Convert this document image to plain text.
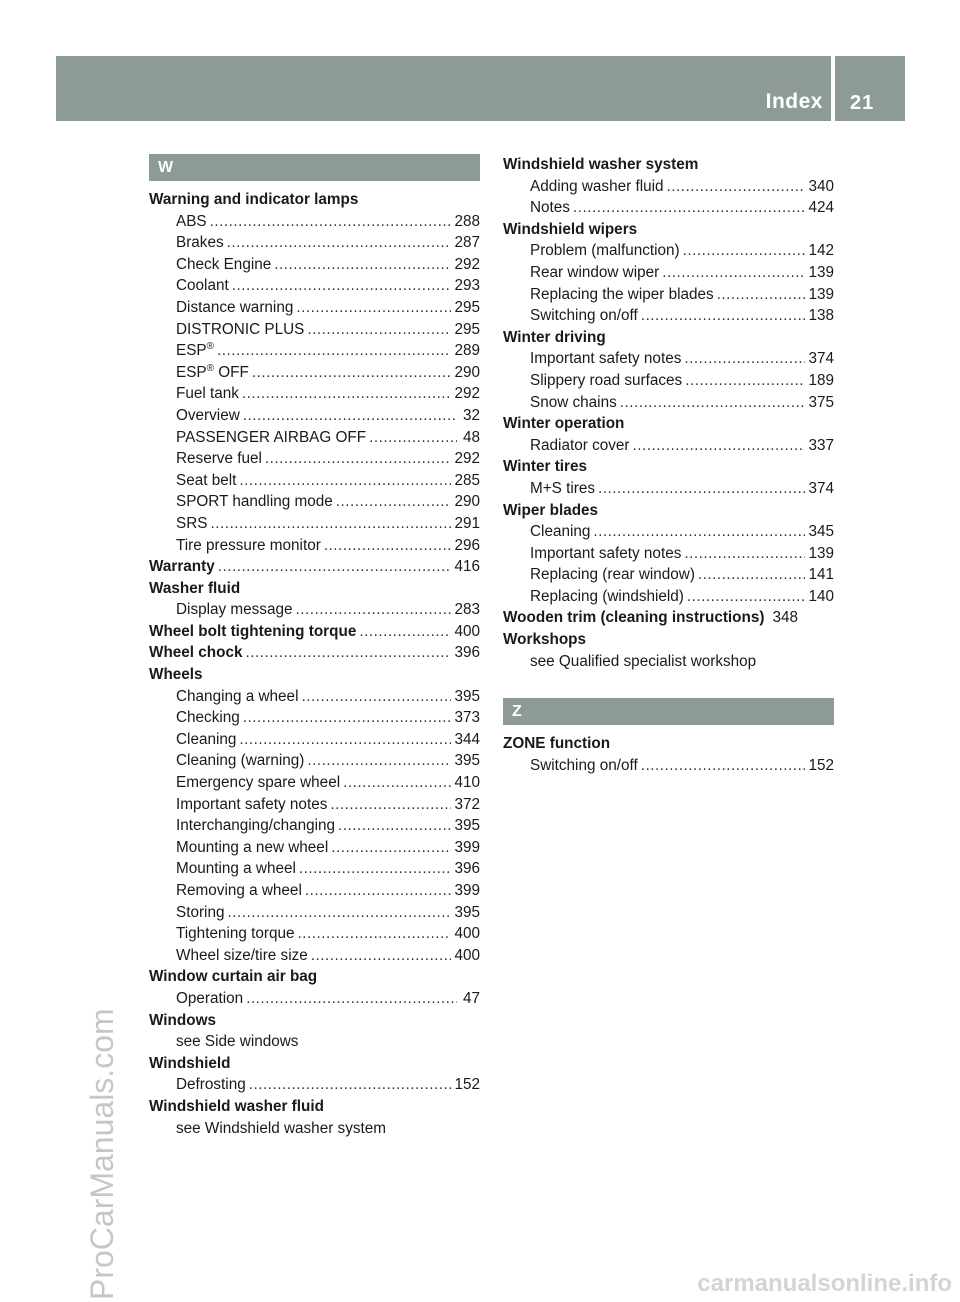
Index 21
ProCarManuals.com	carmanualsonline.info
W
Warning and indicator lamps
ABS .....	288
Brakes .....	287
Check Engine .....	292
Coolant .....	293
Distance warning .....	295
DISTRONIC PLUS .....	295
ESP® .....	289
ESP® OFF .....	290
Fuel tank .....	292
Overview .....	32
PASSENGER AIRBAG OFF .....	48
Reserve fuel .....	292
Seat belt .....	285
SPORT handling mode .....	290
SRS .....	291
Tire pressure monitor .....	296
Warranty .....	416
Washer fluid
Display message .....	283
Wheel bolt tightening torque .....	400
Wheel chock .....	396
Wheels
Changing a wheel .....	395
Checking .....	373
Cleaning .....	344
Cleaning (warning) .....	395
Emergency spare wheel .....	410
Important safety notes .....	372
Interchanging/changing .....	395
Mounting a new wheel .....	399
Mounting a wheel .....	396
Removing a wheel .....	399
Storing .....	395
Tightening torque .....	400
Wheel size/tire size .....	400
Window curtain air bag
Operation .....	47
Windows
see Side windows
Windshield
Defrosting .....	152
Windshield washer fluid
see Windshield washer system
Windshield washer system
Adding washer fluid .....	340
Notes .....	424
Windshield wipers
Problem (malfunction) .....	142
Rear window wiper .....	139
Replacing the wiper blades .....	139
Switching on/off .....	138
Winter driving
Important safety notes .....	374
Slippery road surfaces .....	189
Snow chains .....	375
Winter operation
Radiator cover .....	337
Winter tires
M+S tires .....	374
Wiper blades
Cleaning .....	345
Important safety notes .....	139
Replacing (rear window) .....	141
Replacing (windshield) .....	140
Wooden trim (cleaning instructions) 348
Workshops
see Qualified specialist workshop
Z
ZONE function
Switching on/off .....	152
